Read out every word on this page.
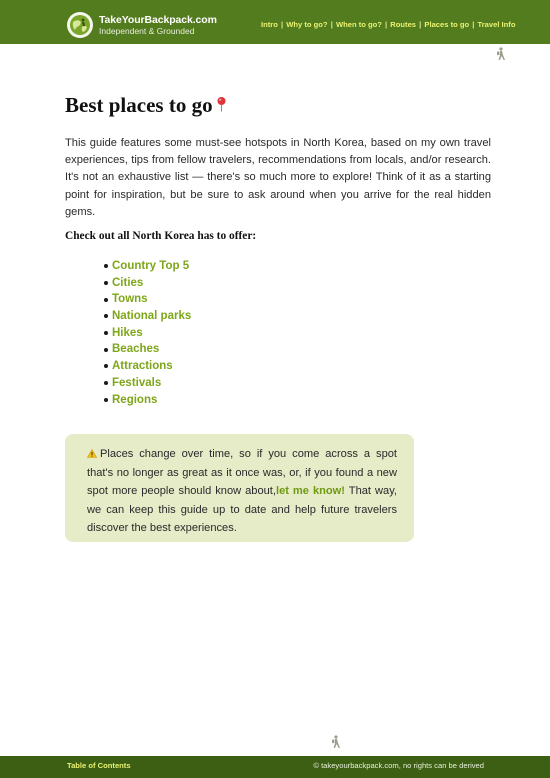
TakeYourBackpack.com
Independent & Grounded
Intro | Why to go? | When to go? | Routes | Places to go | Travel Info
Best places to go

This guide features some must-see hotspots in North Korea, based on my own travel experiences, tips from fellow travelers, recommendations from locals, and/or research. It's not an exhaustive list — there's so much more to explore! Think of it as a starting point for inspiration, but be sure to ask around when you arrive for the real hidden gems.

Check out all North Korea has to offer:

Country Top 5
Cities
Towns
National parks
Hikes
Beaches
Attractions
Festivals
Regions

Places change over time, so if you come across a spot that's no longer as great as it once was, or, if you found a new spot more people should know about,let me know! That way, we can keep this guide up to date and help future travelers discover the best experiences.

Table of Contents	© takeyourbackpack.com, no rights can be derived
